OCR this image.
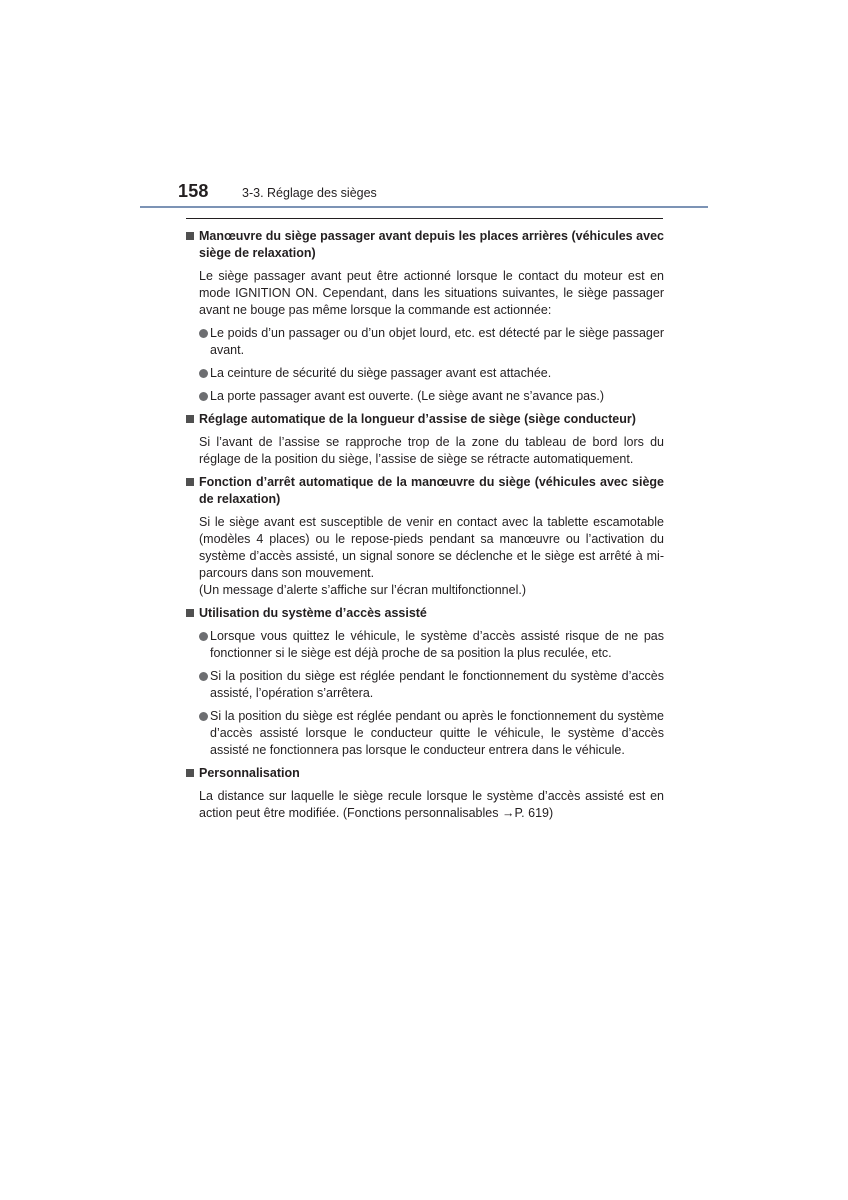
158	3-3. Réglage des sièges
Manœuvre du siège passager avant depuis les places arrières (véhicules avec siège de relaxation)
Le siège passager avant peut être actionné lorsque le contact du moteur est en mode IGNITION ON. Cependant, dans les situations suivantes, le siège passager avant ne bouge pas même lorsque la commande est actionnée:
Le poids d’un passager ou d’un objet lourd, etc. est détecté par le siège passager avant.
La ceinture de sécurité du siège passager avant est attachée.
La porte passager avant est ouverte. (Le siège avant ne s’avance pas.)
Réglage automatique de la longueur d’assise de siège (siège conducteur)
Si l’avant de l’assise se rapproche trop de la zone du tableau de bord lors du réglage de la position du siège, l’assise de siège se rétracte automatiquement.
Fonction d’arrêt automatique de la manœuvre du siège (véhicules avec siège de relaxation)
Si le siège avant est susceptible de venir en contact avec la tablette escamotable (modèles 4 places) ou le repose-pieds pendant sa manœuvre ou l’activation du système d’accès assisté, un signal sonore se déclenche et le siège est arrêté à mi-parcours dans son mouvement.
(Un message d’alerte s’affiche sur l’écran multifonctionnel.)
Utilisation du système d’accès assisté
Lorsque vous quittez le véhicule, le système d’accès assisté risque de ne pas fonctionner si le siège est déjà proche de sa position la plus reculée, etc.
Si la position du siège est réglée pendant le fonctionnement du système d’accès assisté, l’opération s’arrêtera.
Si la position du siège est réglée pendant ou après le fonctionnement du système d’accès assisté lorsque le conducteur quitte le véhicule, le système d’accès assisté ne fonctionnera pas lorsque le conducteur entrera dans le véhicule.
Personnalisation
La distance sur laquelle le siège recule lorsque le système d’accès assisté est en action peut être modifiée. (Fonctions personnalisables →P. 619)
